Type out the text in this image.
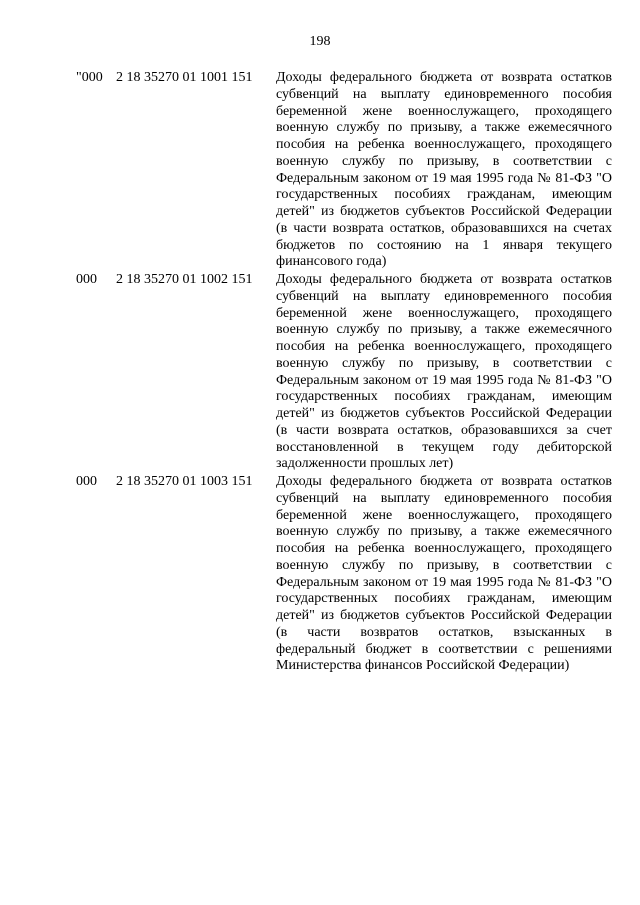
198
"000 2 18 35270 01 1001 151 Доходы федерального бюджета от возврата остатков субвенций на выплату единовременного пособия беременной жене военнослужащего, проходящего военную службу по призыву, а также ежемесячного пособия на ребенка военнослужащего, проходящего военную службу по призыву, в соответствии с Федеральным законом от 19 мая 1995 года № 81-ФЗ "О государственных пособиях гражданам, имеющим детей" из бюджетов субъектов Российской Федерации (в части возврата остатков, образовавшихся на счетах бюджетов по состоянию на 1 января текущего финансового года)
000 2 18 35270 01 1002 151 Доходы федерального бюджета от возврата остатков субвенций на выплату единовременного пособия беременной жене военнослужащего, проходящего военную службу по призыву, а также ежемесячного пособия на ребенка военнослужащего, проходящего военную службу по призыву, в соответствии с Федеральным законом от 19 мая 1995 года № 81-ФЗ "О государственных пособиях гражданам, имеющим детей" из бюджетов субъектов Российской Федерации (в части возврата остатков, образовавшихся за счет восстановленной в текущем году дебиторской задолженности прошлых лет)
000 2 18 35270 01 1003 151 Доходы федерального бюджета от возврата остатков субвенций на выплату единовременного пособия беременной жене военнослужащего, проходящего военную службу по призыву, а также ежемесячного пособия на ребенка военнослужащего, проходящего военную службу по призыву, в соответствии с Федеральным законом от 19 мая 1995 года № 81-ФЗ "О государственных пособиях гражданам, имеющим детей" из бюджетов субъектов Российской Федерации (в части возвратов остатков, взысканных в федеральный бюджет в соответствии с решениями Министерства финансов Российской Федерации)
